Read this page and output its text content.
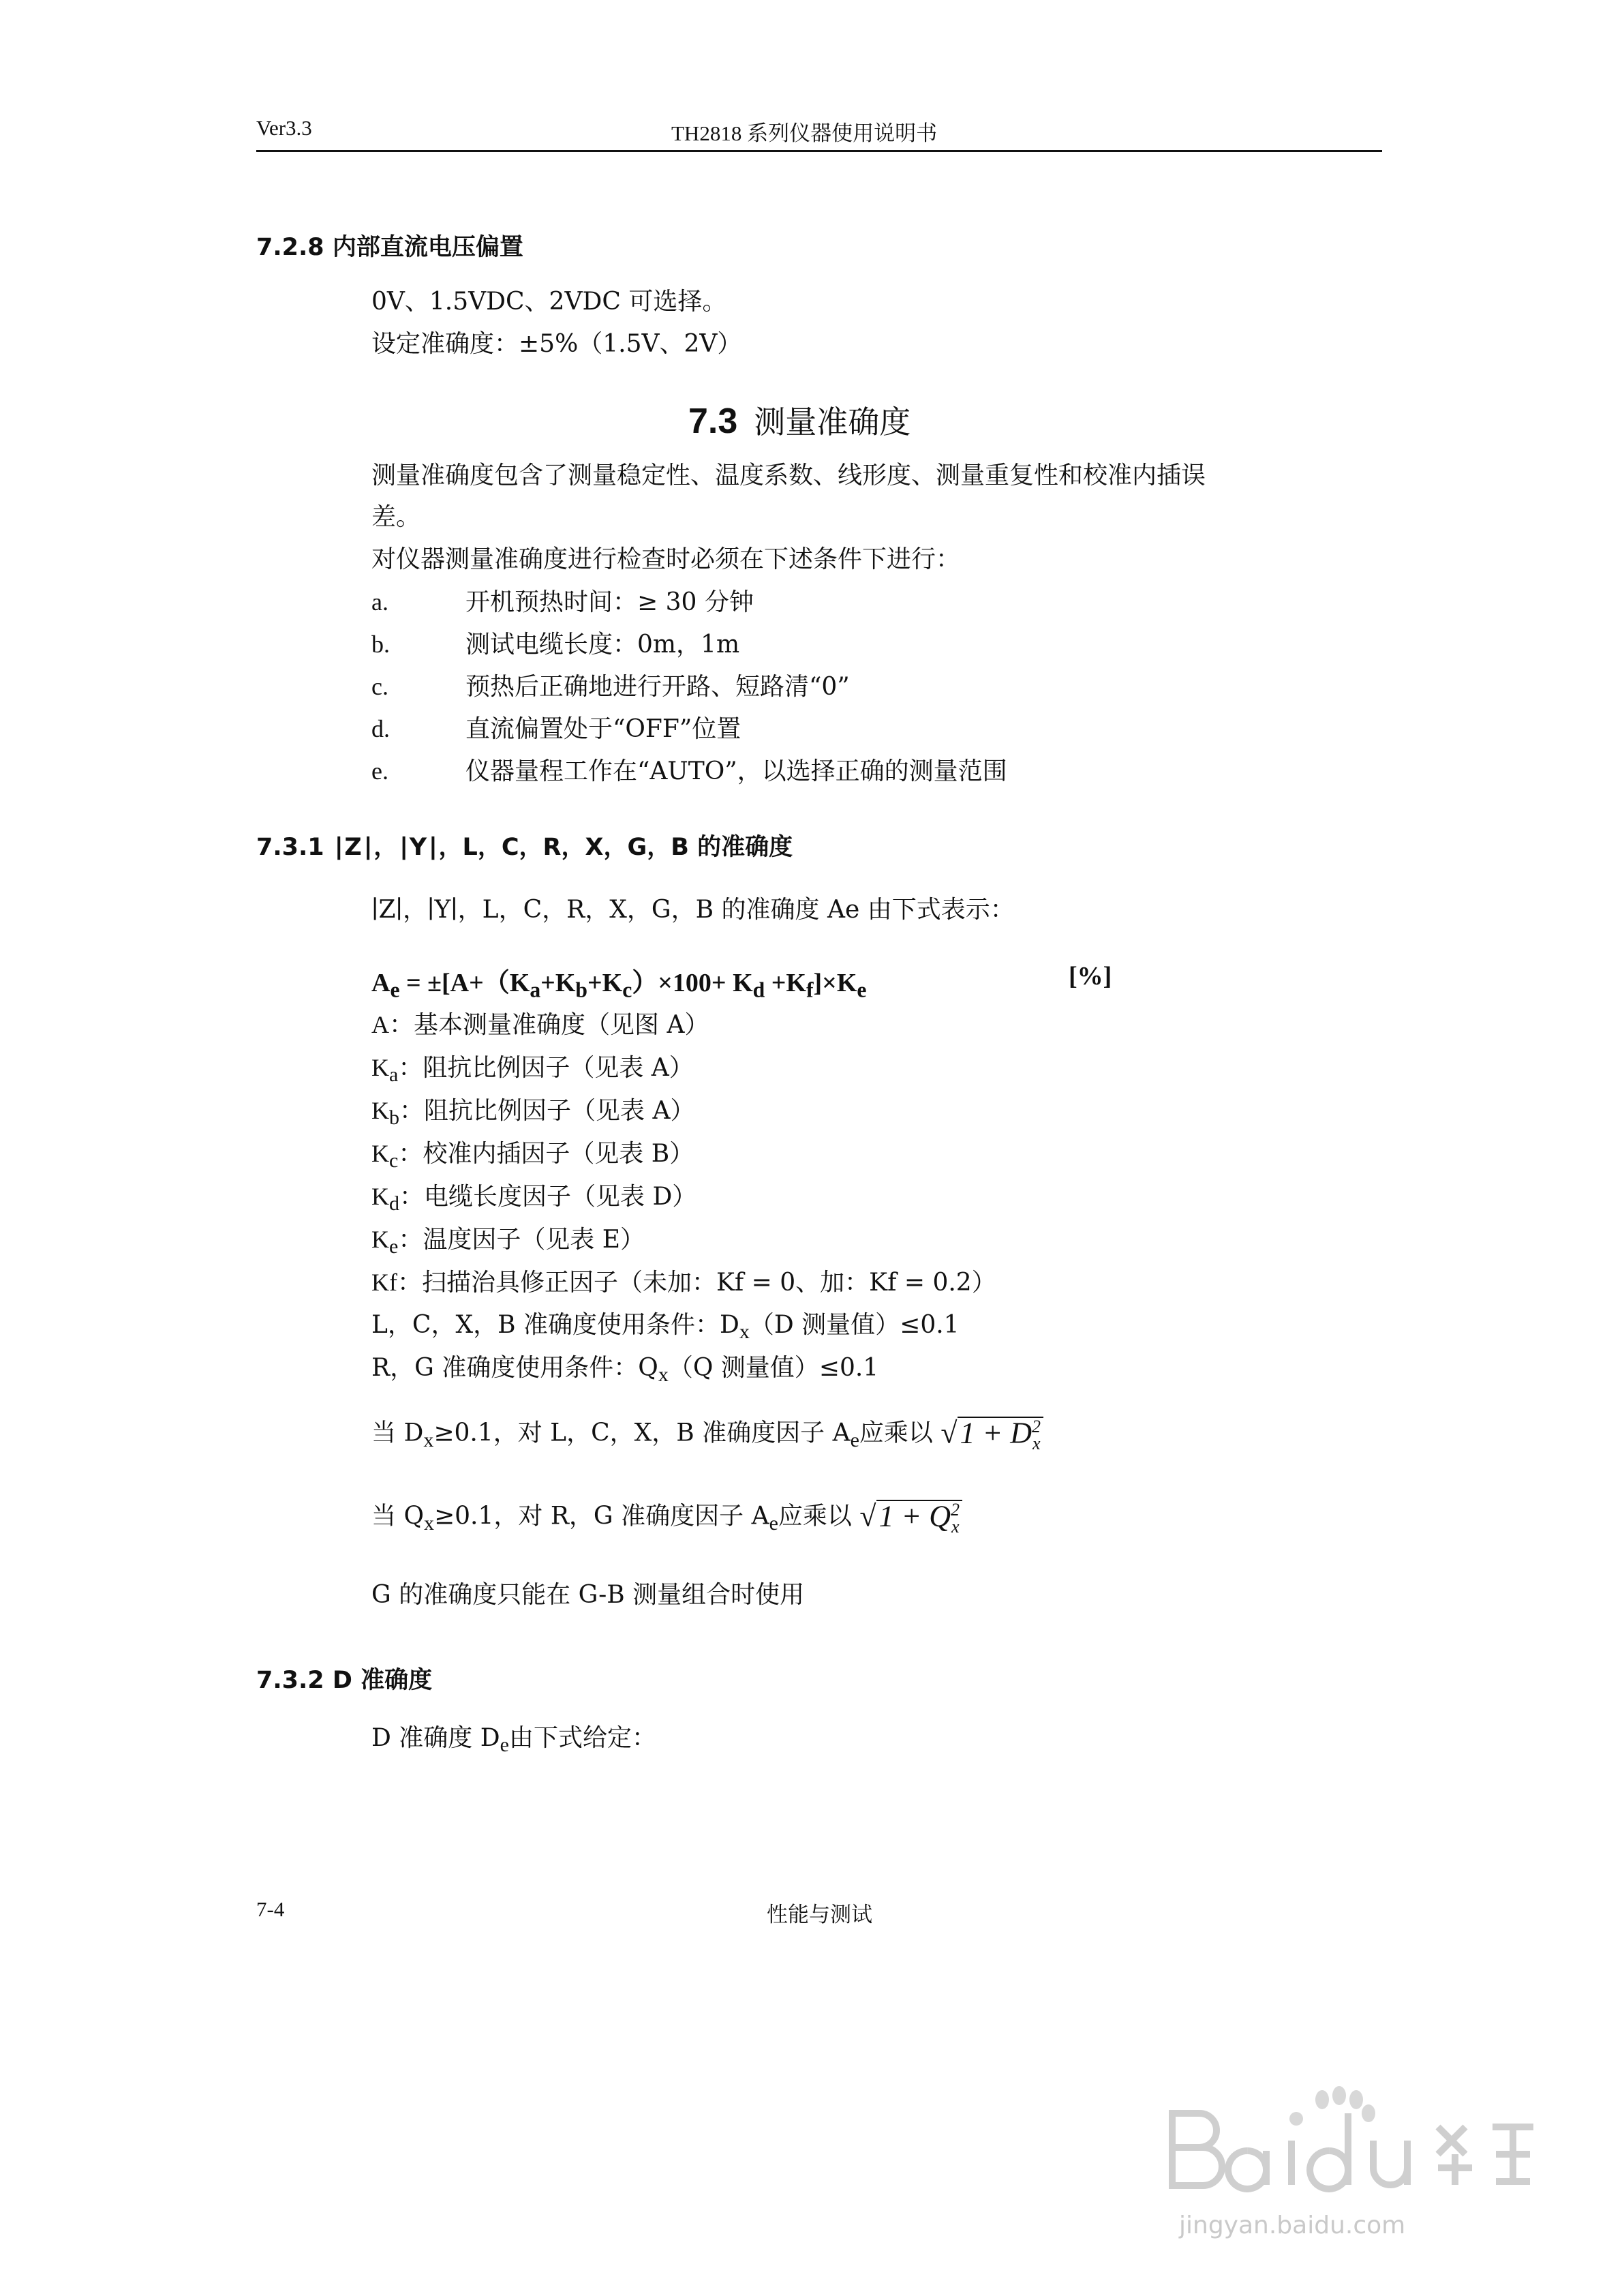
Ver3.3	TH2818 系列仪器使用说明书
7.2.8 内部直流电压偏置
0V、1.5VDC、2VDC 可选择。
设定准确度：±5%（1.5V、2V）
7.3 测量准确度
测量准确度包含了测量稳定性、温度系数、线形度、测量重复性和校准内插误
差。
对仪器测量准确度进行检查时必须在下述条件下进行：
a.	开机预热时间：≥ 30 分钟
b.	测试电缆长度：0m，1m
c.	预热后正确地进行开路、短路清“0”
d.	直流偏置处于“OFF”位置
e.	仪器量程工作在“AUTO”，以选择正确的测量范围
7.3.1 ∣Z∣，∣Y∣，L，C，R，X，G，B 的准确度
∣Z∣，∣Y∣，L，C，R，X，G，B 的准确度 Ae 由下式表示：
$A_e = \pm[A+(K_a+K_b+K_c)\times 100+ K_d +K_f]\times K_e$	[%]
A：基本测量准确度（见图 A）
$K_a$：阻抗比例因子（见表 A）
$K_b$：阻抗比例因子（见表 A）
$K_c$：校准内插因子（见表 B）
$K_d$：电缆长度因子（见表 D）
$K_e$：温度因子（见表 E）
Kf：扫描治具修正因子（未加：Kf = 0、加：Kf = 0.2）
L，C，X，B 准确度使用条件：$D_x(D$ 测量值）≤0.1
R，G 准确度使用条件：$Q_x(Q$ 测量值）≤0.1
当 $D_x\ge 0.1$，对 L，C，X，B 准确度因子 $A_e$应乘以 $√1 + D^2_x$
当 $Q_x\ge 0.1$，对 R，G 准确度因子 $A_e$应乘以 $√1 + Q^2_x$
G 的准确度只能在 G-B 测量组合时使用
7.3.2 D 准确度
D 准确度 $D_e$由下式给定：
7-4	性能与测试
jingyan.baidu.com
